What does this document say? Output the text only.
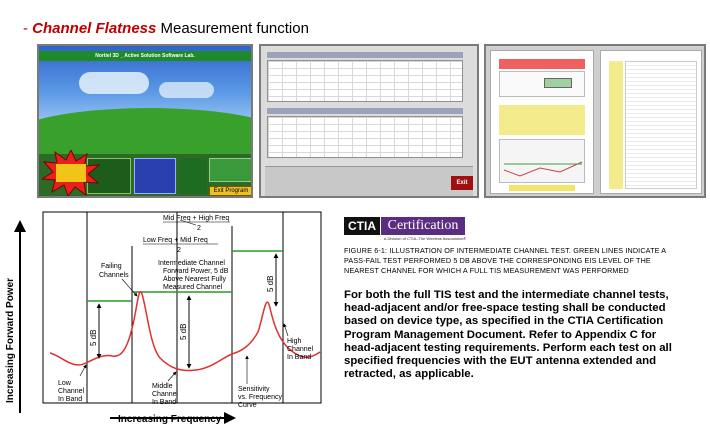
- Channel Flatness Measurement function
Nortiel 3D _ Active Solution Software Lab.
Exit Program
Exit
Increasing Forward Power
Increasing Frequency
Mid Freq + High Freq
2
Low Freq + Mid Freq
2
5 dB	5 dB
5 dB
Failing Channels
Intermediate Channel Forward Power, 5 dB Above Nearest Fully Measured Channel
Low Channel In Band
Middle Channel In Band
Sensitivity vs. Frequency Curve
High Channel In Band
CTIA Certification
A Division of CTIA–The Wireless Association®
FIGURE 6-1: ILLUSTRATION OF INTERMEDIATE CHANNEL TEST. GREEN LINES INDICATE A PASS-FAIL TEST PERFORMED 5 DB ABOVE THE CORRESPONDING EIS LEVEL OF THE NEAREST CHANNEL FOR WHICH A FULL TIS MEASUREMENT WAS PERFORMED
For both the full TIS test and the intermediate channel tests, head-adjacent and/or free-space testing shall be conducted based on device type, as specified in the CTIA Certification Program Management Document. Refer to Appendix C for head-adjacent testing requirements. Perform each test on all specified frequencies with the EUT antenna extended and retracted, as applicable.
